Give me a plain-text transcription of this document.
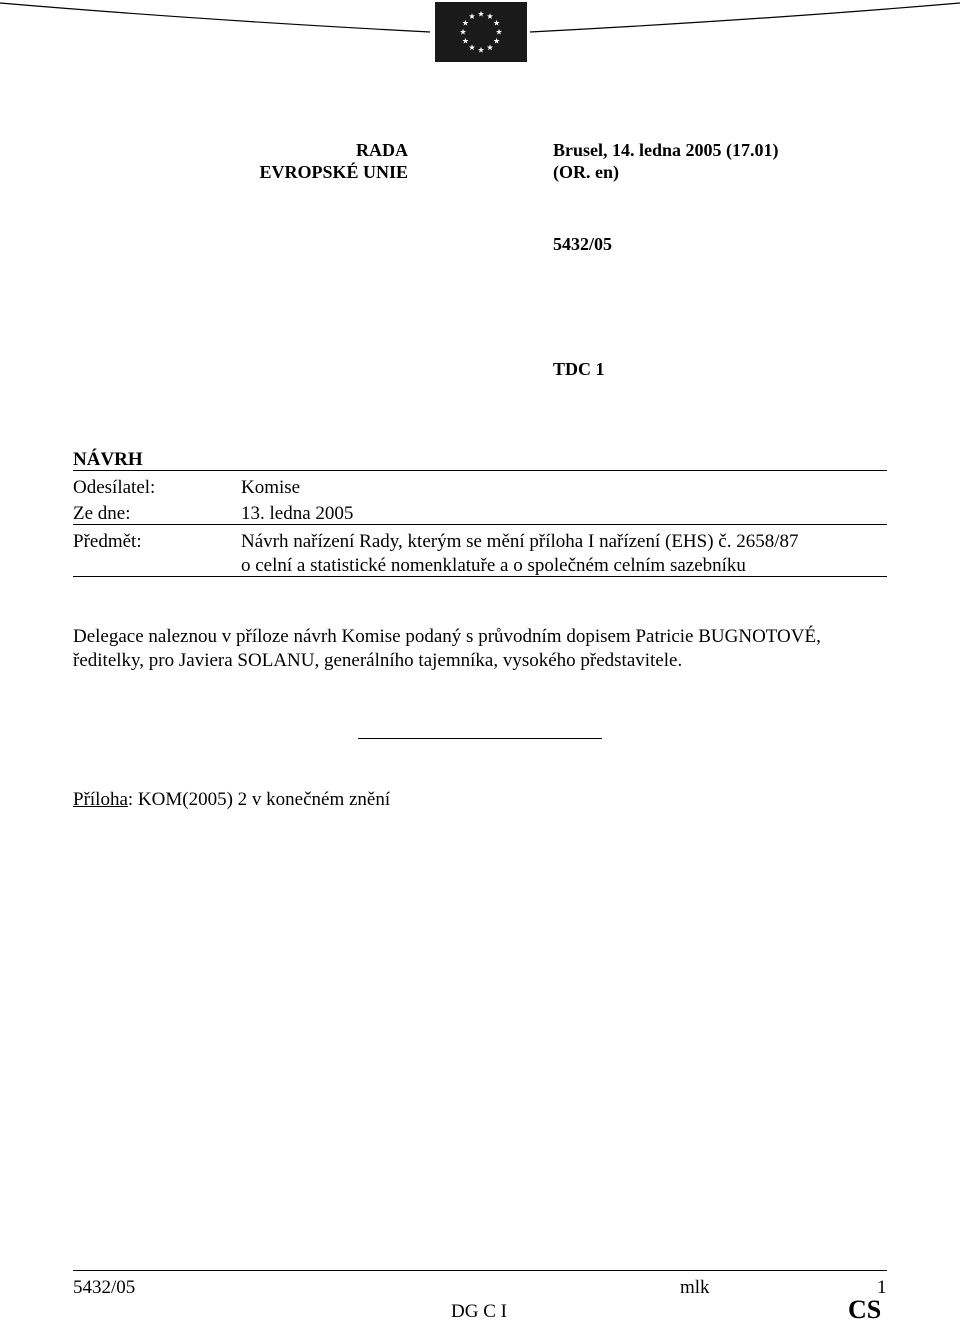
RADA
EVROPSKÉ UNIE
Brusel, 14. ledna 2005 (17.01)
(OR. en)
5432/05
TDC 1
NÁVRH
Odesílatel:	Komise
Ze dne:	13. ledna 2005
Předmět:	Návrh nařízení Rady, kterým se mění příloha I nařízení (EHS) č. 2658/87
o celní a statistické nomenklatuře a o společném celním sazebníku
Delegace naleznou v příloze návrh Komise podaný s průvodním dopisem Patricie BUGNOTOVÉ,
ředitelky, pro Javiera SOLANU, generálního tajemníka, vysokého představitele.
Příloha: KOM(2005) 2 v konečném znění
5432/05	mlk	1
DG C I	CS
